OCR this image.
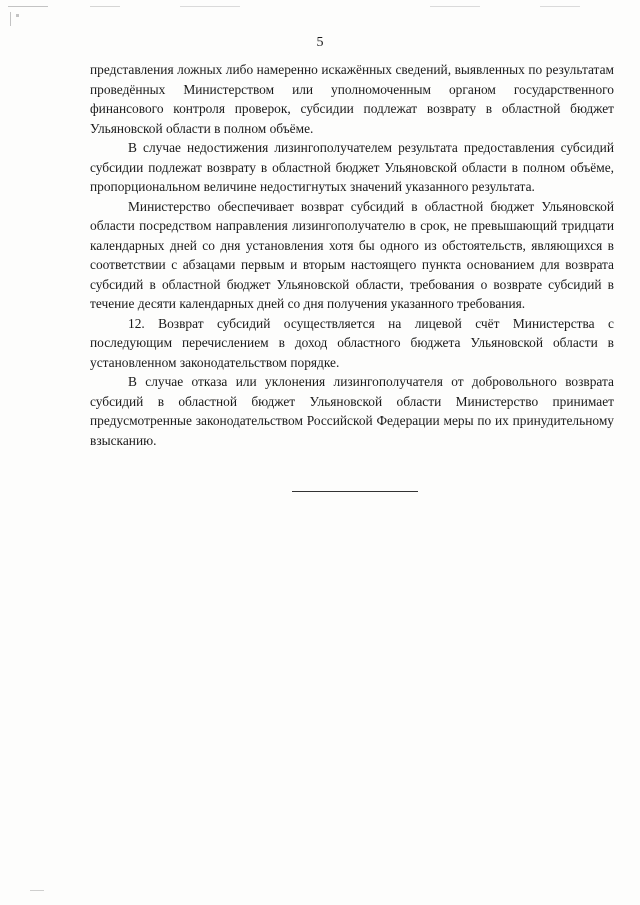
5

представления ложных либо намеренно искажённых сведений, выявленных по результатам проведённых Министерством или уполномоченным органом государственного финансового контроля проверок, субсидии подлежат возврату в областной бюджет Ульяновской области в полном объёме.

В случае недостижения лизингополучателем результата предоставления субсидий субсидии подлежат возврату в областной бюджет Ульяновской области в полном объёме, пропорциональном величине недостигнутых значений указанного результата.

Министерство обеспечивает возврат субсидий в областной бюджет Ульяновской области посредством направления лизингополучателю в срок, не превышающий тридцати календарных дней со дня установления хотя бы одного из обстоятельств, являющихся в соответствии с абзацами первым и вторым настоящего пункта основанием для возврата субсидий в областной бюджет Ульяновской области, требования о возврате субсидий в течение десяти календарных дней со дня получения указанного требования.

12. Возврат субсидий осуществляется на лицевой счёт Министерства с последующим перечислением в доход областного бюджета Ульяновской области в установленном законодательством порядке.

В случае отказа или уклонения лизингополучателя от добровольного возврата субсидий в областной бюджет Ульяновской области Министерство принимает предусмотренные законодательством Российской Федерации меры по их принудительному взысканию.
